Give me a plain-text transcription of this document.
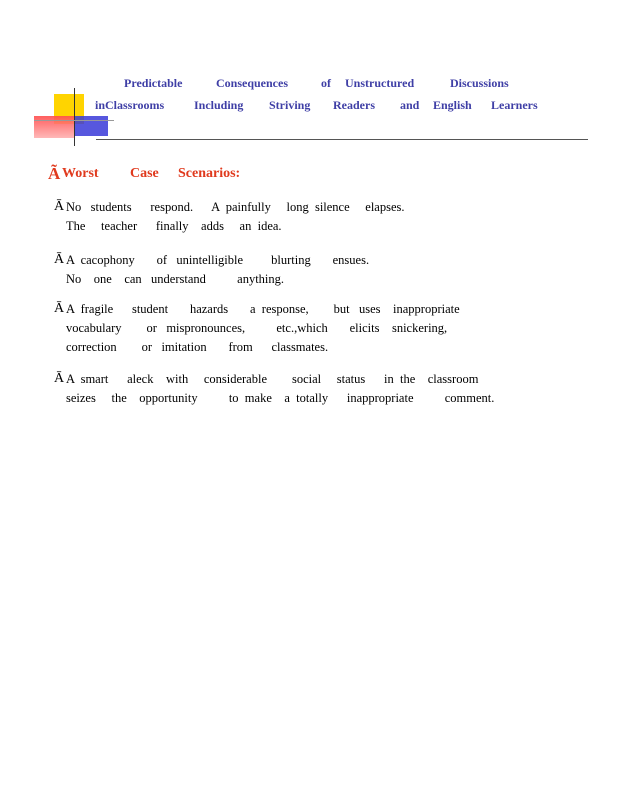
Predictable	Consequences	of Unstructured	Discussions
inClassrooms Including Striving Readers and English Learners
Ã Worst Case Scenarios:
Ā No   students      respond.      A  painfully     long  silence     elapses.
The     teacher      finally    adds     an  idea.
Ā A  cacophony       of   unintelligible         blurting       ensues.
No    one    can   understand          anything.
Ā A  fragile      student       hazards       a  response,        but   uses    inappropriate
vocabulary        or   mispronounces,          etc.,which       elicits    snickering,
correction        or   imitation       from      classmates.
Ā A  smart      aleck    with     considerable        social     status      in  the    classroom
seizes     the    opportunity          to  make    a  totally      inappropriate          comment.
